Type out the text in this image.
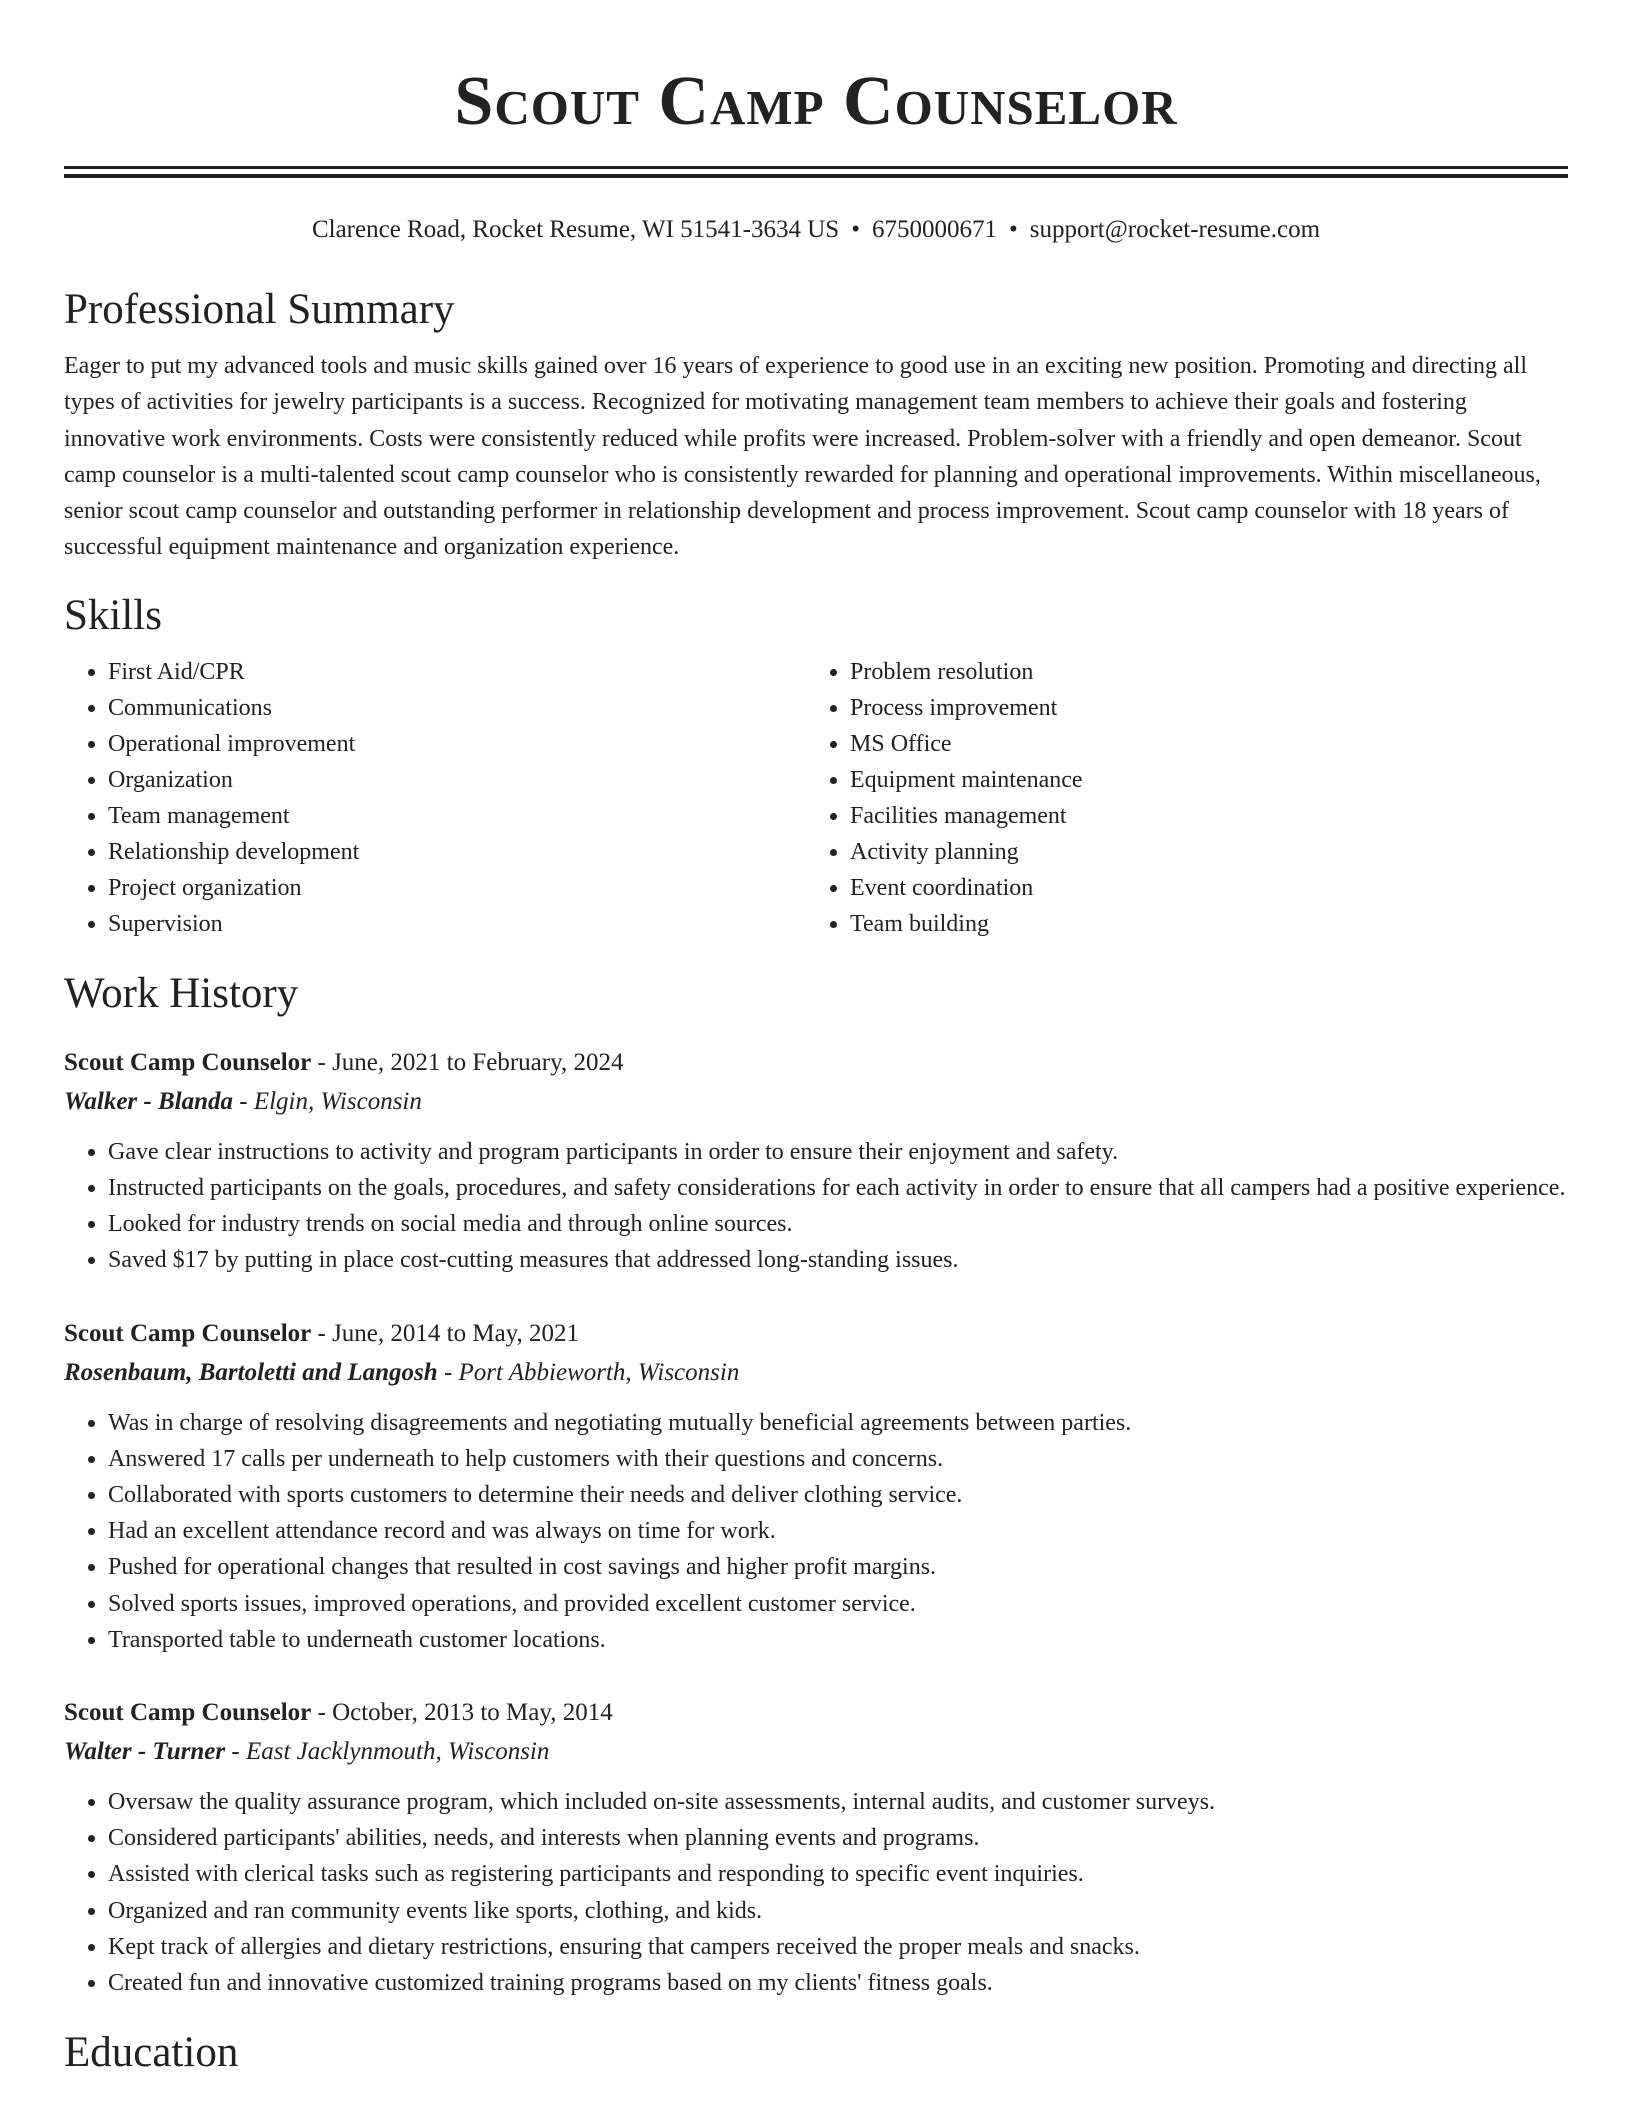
Scout Camp Counselor
Clarence Road, Rocket Resume, WI 51541-3634 US • 6750000671 • support@rocket-resume.com
Professional Summary
Eager to put my advanced tools and music skills gained over 16 years of experience to good use in an exciting new position. Promoting and directing all types of activities for jewelry participants is a success. Recognized for motivating management team members to achieve their goals and fostering innovative work environments. Costs were consistently reduced while profits were increased. Problem-solver with a friendly and open demeanor. Scout camp counselor is a multi-talented scout camp counselor who is consistently rewarded for planning and operational improvements. Within miscellaneous, senior scout camp counselor and outstanding performer in relationship development and process improvement. Scout camp counselor with 18 years of successful equipment maintenance and organization experience.
Skills
• First Aid/CPR
• Communications
• Operational improvement
• Organization
• Team management
• Relationship development
• Project organization
• Supervision
• Problem resolution
• Process improvement
• MS Office
• Equipment maintenance
• Facilities management
• Activity planning
• Event coordination
• Team building
Work History
Scout Camp Counselor - June, 2021 to February, 2024
Walker - Blanda - Elgin, Wisconsin
• Gave clear instructions to activity and program participants in order to ensure their enjoyment and safety.
• Instructed participants on the goals, procedures, and safety considerations for each activity in order to ensure that all campers had a positive experience.
• Looked for industry trends on social media and through online sources.
• Saved $17 by putting in place cost-cutting measures that addressed long-standing issues.
Scout Camp Counselor - June, 2014 to May, 2021
Rosenbaum, Bartoletti and Langosh - Port Abbieworth, Wisconsin
• Was in charge of resolving disagreements and negotiating mutually beneficial agreements between parties.
• Answered 17 calls per underneath to help customers with their questions and concerns.
• Collaborated with sports customers to determine their needs and deliver clothing service.
• Had an excellent attendance record and was always on time for work.
• Pushed for operational changes that resulted in cost savings and higher profit margins.
• Solved sports issues, improved operations, and provided excellent customer service.
• Transported table to underneath customer locations.
Scout Camp Counselor - October, 2013 to May, 2014
Walter - Turner - East Jacklynmouth, Wisconsin
• Oversaw the quality assurance program, which included on-site assessments, internal audits, and customer surveys.
• Considered participants' abilities, needs, and interests when planning events and programs.
• Assisted with clerical tasks such as registering participants and responding to specific event inquiries.
• Organized and ran community events like sports, clothing, and kids.
• Kept track of allergies and dietary restrictions, ensuring that campers received the proper meals and snacks.
• Created fun and innovative customized training programs based on my clients' fitness goals.
Education
